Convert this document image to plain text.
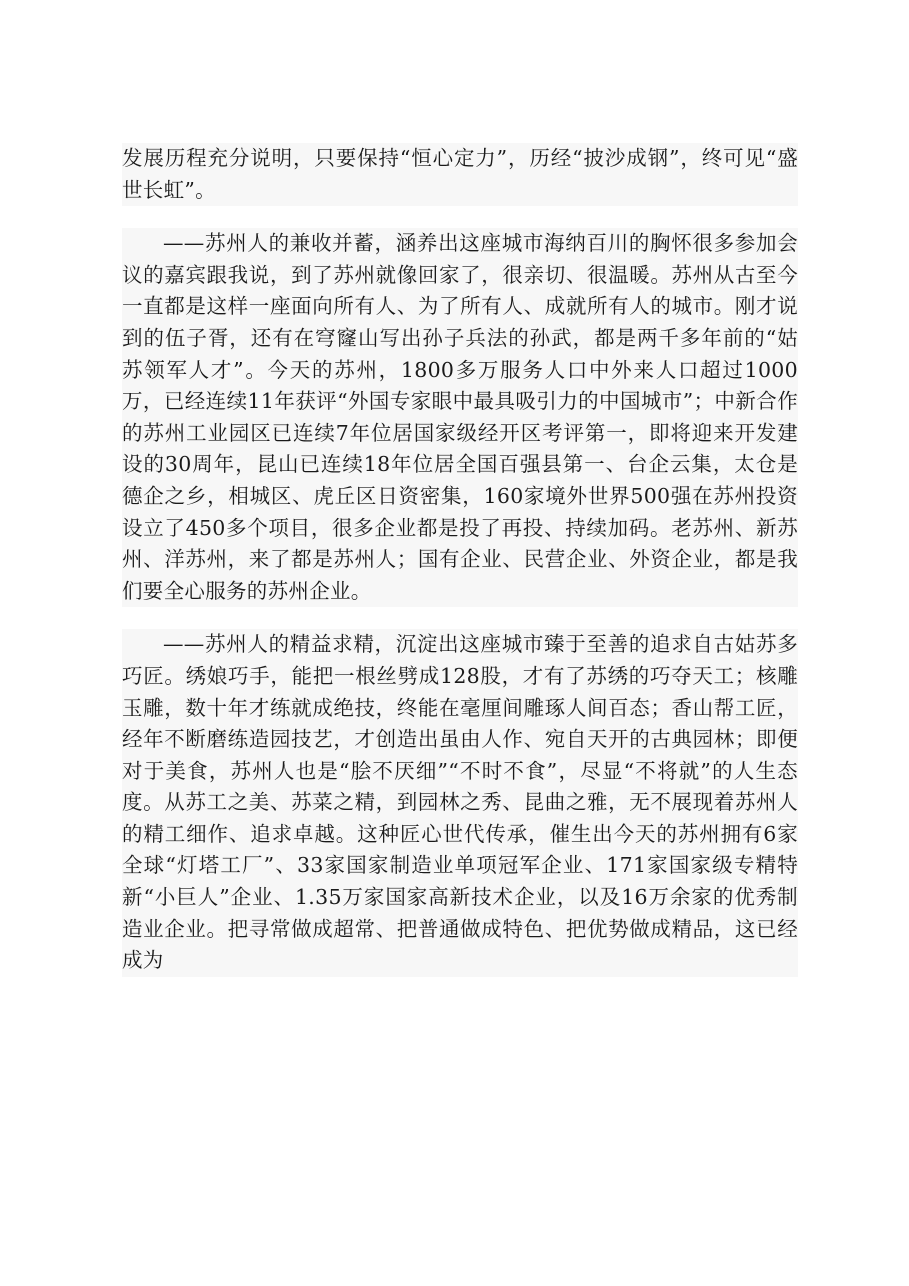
发展历程充分说明，只要保持“恒心定力”，历经“披沙成钢”，终可见“盛世长虹”。

——苏州人的兼收并蓄，涵养出这座城市海纳百川的胸怀很多参加会议的嘉宾跟我说，到了苏州就像回家了，很亲切、很温暖。苏州从古至今一直都是这样一座面向所有人、为了所有人、成就所有人的城市。刚才说到的伍子胥，还有在穹窿山写出孙子兵法的孙武，都是两千多年前的“姑苏领军人才”。今天的苏州，1800多万服务人口中外来人口超过1000万，已经连续11年获评“外国专家眼中最具吸引力的中国城市”；中新合作的苏州工业园区已连续7年位居国家级经开区考评第一，即将迎来开发建设的30周年，昆山已连续18年位居全国百强县第一、台企云集，太仓是德企之乡，相城区、虎丘区日资密集，160家境外世界500强在苏州投资设立了450多个项目，很多企业都是投了再投、持续加码。老苏州、新苏州、洋苏州，来了都是苏州人；国有企业、民营企业、外资企业，都是我们要全心服务的苏州企业。

——苏州人的精益求精，沉淀出这座城市臻于至善的追求自古姑苏多巧匠。绣娘巧手，能把一根丝劈成128股，才有了苏绣的巧夺天工；核雕玉雕，数十年才练就成绝技，终能在毫厘间雕琢人间百态；香山帮工匠，经年不断磨练造园技艺，才创造出虽由人作、宛自天开的古典园林；即便对于美食，苏州人也是“脍不厌细”“不时不食”，尽显“不将就”的人生态度。从苏工之美、苏菜之精，到园林之秀、昆曲之雅，无不展现着苏州人的精工细作、追求卓越。这种匠心世代传承，催生出今天的苏州拥有6家全球“灯塔工厂”、33家国家制造业单项冠军企业、171家国家级专精特新“小巨人”企业、1.35万家国家高新技术企业，以及16万余家的优秀制造业企业。把寻常做成超常、把普通做成特色、把优势做成精品，这已经成为
